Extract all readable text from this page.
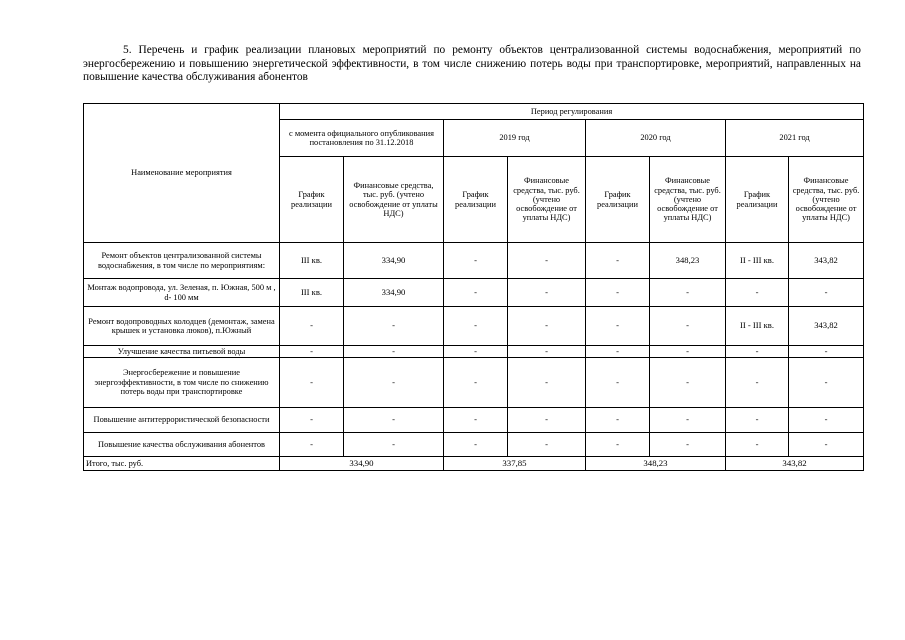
5. Перечень и график реализации плановых мероприятий по ремонту объектов централизованной системы водоснабжения, мероприятий по энергосбережению и повышению энергетической эффективности, в том числе снижению потерь воды при транспортировке, мероприятий, направленных на повышение качества обслуживания абонентов
Наименование мероприятия	Период регулирования							
	с момента официального опубликования постановления по 31.12.2018		2019 год		2020 год		2021 год	
	График реализации	Финансовые средства, тыс. руб. (учтено освобождение от уплаты НДС)	График реализации	Финансовые средства, тыс. руб. (учтено освобождение от уплаты НДС)	График реализации	Финансовые средства, тыс. руб. (учтено освобождение от уплаты НДС)	График реализации	Финансовые средства, тыс. руб. (учтено освобождение от уплаты НДС)
Ремонт объектов централизованной системы водоснабжения, в том числе по мероприятиям:	III кв.	334,90	-	-	-	348,23	II - III кв.	343,82
Монтаж водопровода, ул. Зеленая, п. Южная, 500 м , d- 100 мм	III кв.	334,90	-	-	-	-	-	-
Ремонт водопроводных колодцев (демонтаж, замена крышек и установка люков), п.Южный	-	-	-	-	-	-	II - III кв.	343,82
Улучшение качества питьевой воды	-	-	-	-	-	-	-	-
Энергосбережение и повышение энергоэффективности, в том числе по снижению потерь воды при транспортировке	-	-	-	-	-	-	-	-
Повышение антитеррористической безопасности	-	-	-	-	-	-	-	-
Повышение качества обслуживания абонентов	-	-	-	-	-	-	-	-
Итого, тыс. руб.	334,90		337,85		348,23		343,82	
